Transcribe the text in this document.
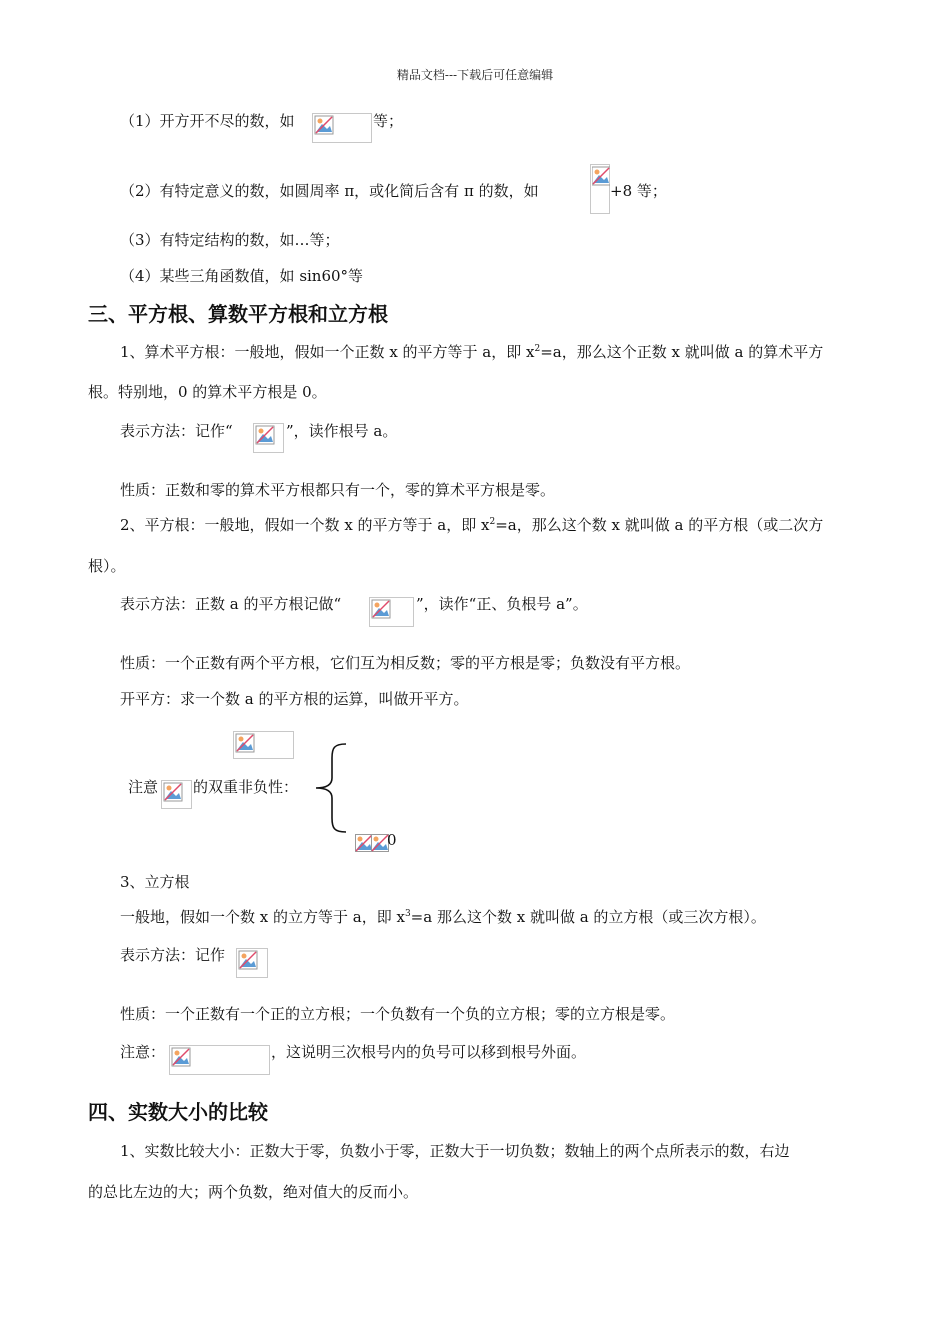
精品文档---下载后可任意编辑
（1）开方开不尽的数，如	等；
（2）有特定意义的数，如圆周率 π，或化简后含有 π 的数，如	+8 等；
（3）有特定结构的数，如…等；
（4）某些三角函数值，如 sin60°等
三、平方根、算数平方根和立方根
1、算术平方根：一般地，假如一个正数 x 的平方等于 a，即 $x^2=a$，那么这个正数 x 就叫做 a 的算术平方
根。特别地，0 的算术平方根是 0。
表示方法：记作“	”，读作根号 a。
性质：正数和零的算术平方根都只有一个，零的算术平方根是零。
2、平方根：一般地，假如一个数 x 的平方等于 a，即 $x^2=a$，那么这个数 x 就叫做 a 的平方根（或二次方
根）。
表示方法：正数 a 的平方根记做“	”，读作“正、负根号 a”。
性质：一个正数有两个平方根，它们互为相反数；零的平方根是零；负数没有平方根。
开平方：求一个数 a 的平方根的运算，叫做开平方。
注意 的双重非负性：
0
3、立方根
一般地，假如一个数 x 的立方等于 a，即 $x^3=a$ 那么这个数 x 就叫做 a 的立方根（或三次方根）。
表示方法：记作
性质：一个正数有一个正的立方根；一个负数有一个负的立方根；零的立方根是零。
注意：	，这说明三次根号内的负号可以移到根号外面。
四、实数大小的比较
1、实数比较大小：正数大于零，负数小于零，正数大于一切负数；数轴上的两个点所表示的数，右边
的总比左边的大；两个负数，绝对值大的反而小。
